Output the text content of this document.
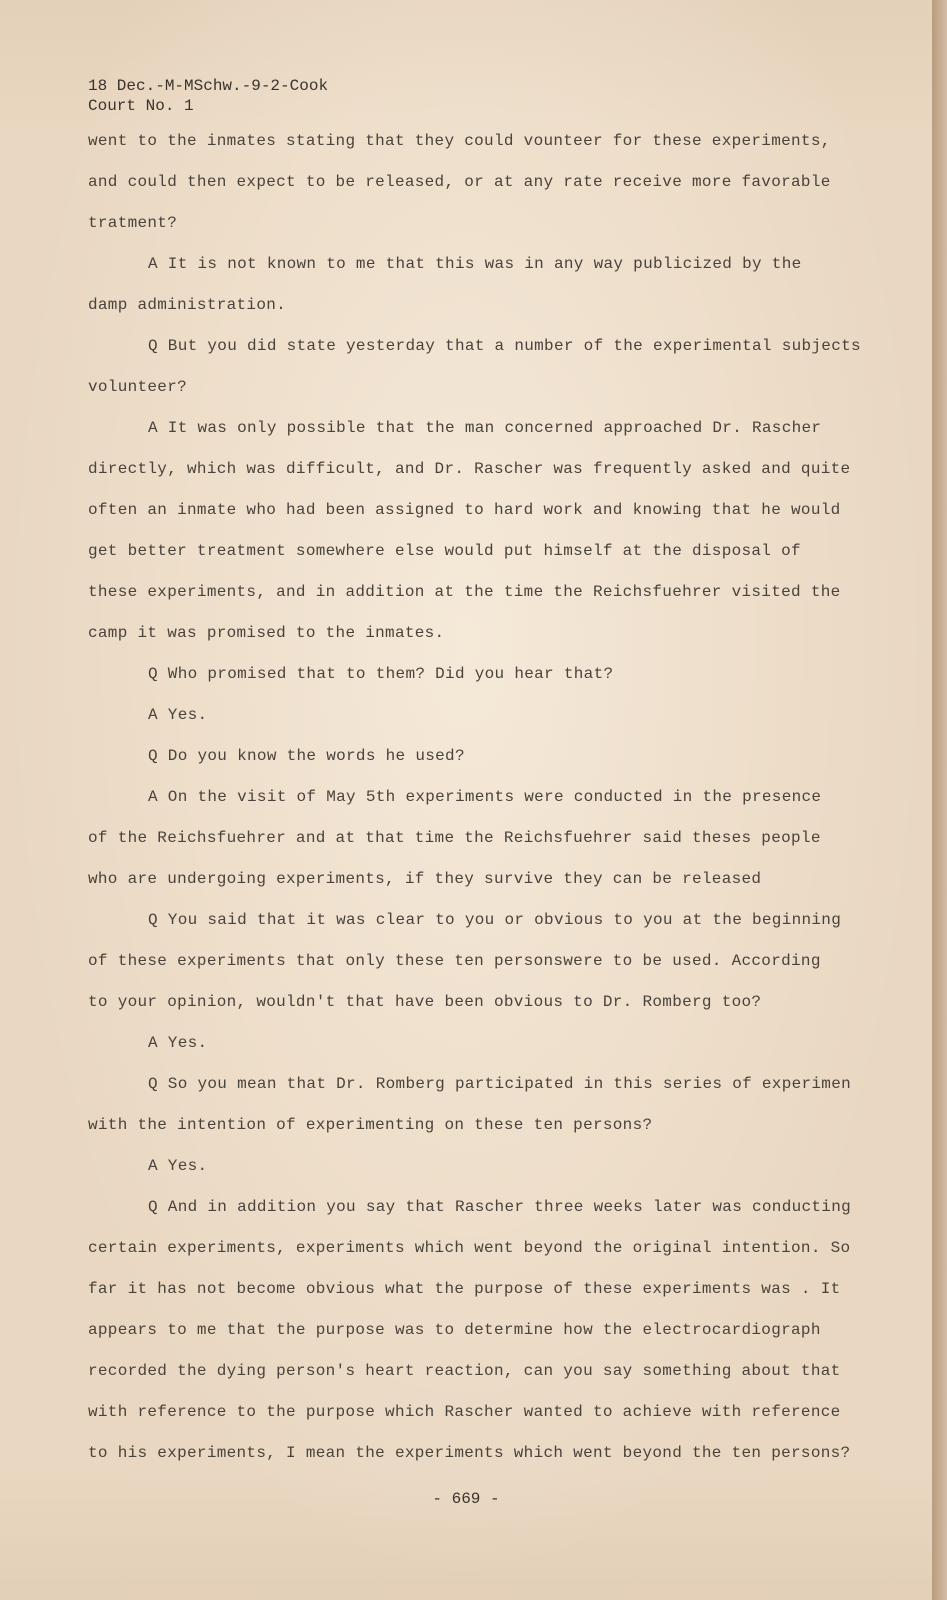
18 Dec.-M-MSchw.-9-2-Cook
Court No. 1
went to the inmates stating that they could vounteer for these experiments,
and could then expect to be released, or at any rate receive more favorable
tratment?
A It is not known to me that this was in any way publicized by the
damp administration.
Q But you did state yesterday that a number of the experimental subjects
volunteer?
A It was only possible that the man concerned approached Dr. Rascher
directly, which was difficult, and Dr. Rascher was frequently asked and quite
often an inmate who had been assigned to hard work and knowing that he would
get better treatment somewhere else would put himself at the disposal of
these experiments, and in addition at the time the Reichsfuehrer visited the
camp it was promised to the inmates.
Q Who promised that to them? Did you hear that?
A Yes.
Q Do you know the words he used?
A On the visit of May 5th experiments were conducted in the presence
of the Reichsfuehrer and at that time the Reichsfuehrer said theses people
who are undergoing experiments, if they survive they can be released
Q You said that it was clear to you or obvious to you at the beginning
of these experiments that only these ten personswere to be used. According
to your opinion, wouldn't that have been obvious to Dr. Romberg too?
A Yes.
Q So you mean that Dr. Romberg participated in this series of experimen
with the intention of experimenting on these ten persons?
A Yes.
Q And in addition you say that Rascher three weeks later was conducting
certain experiments, experiments which went beyond the original intention. So
far it has not become obvious what the purpose of these experiments was . It
appears to me that the purpose was to determine how the electrocardiograph
recorded the dying person's heart reaction, can you say something about that
with reference to the purpose which Rascher wanted to achieve with reference
to his experiments, I mean the experiments which went beyond the ten persons?
- 669 -
